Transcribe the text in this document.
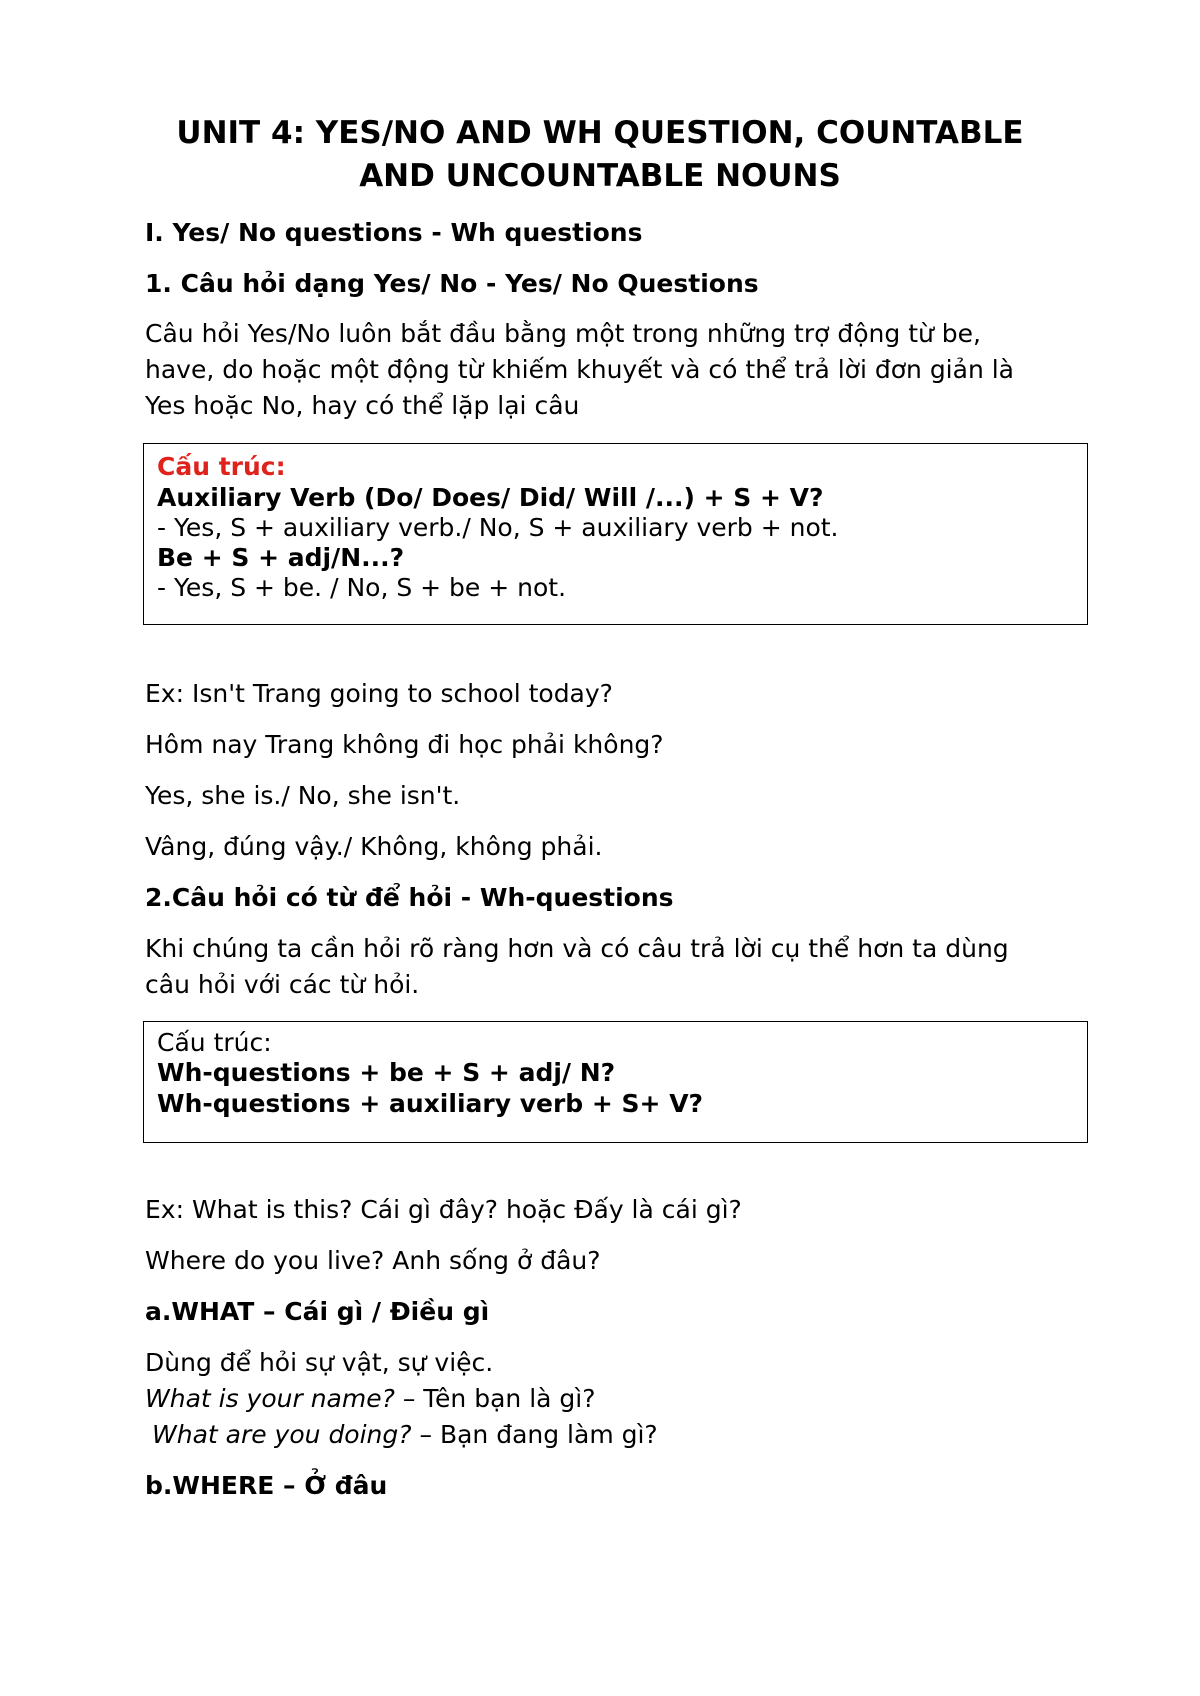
UNIT 4: YES/NO AND WH QUESTION, COUNTABLE
AND UNCOUNTABLE NOUNS
I. Yes/ No questions - Wh questions
1. Câu hỏi dạng Yes/ No - Yes/ No Questions
Câu hỏi Yes/No luôn bắt đầu bằng một trong những trợ động từ be,
have, do hoặc một động từ khiếm khuyết và có thể trả lời đơn giản là
Yes hoặc No, hay có thể lặp lại câu
Cấu trúc:
Auxiliary Verb (Do/ Does/ Did/ Will /...) + S + V?
- Yes, S + auxiliary verb./ No, S + auxiliary verb + not.
Be + S + adj/N...?
- Yes, S + be. / No, S + be + not.
Ex: Isn't Trang going to school today?
Hôm nay Trang không đi học phải không?
Yes, she is./ No, she isn't.
Vâng, đúng vậy./ Không, không phải.
2.Câu hỏi có từ để hỏi - Wh-questions
Khi chúng ta cần hỏi rõ ràng hơn và có câu trả lời cụ thể hơn ta dùng
câu hỏi với các từ hỏi.
Cấu trúc:
Wh-questions + be + S + adj/ N?
Wh-questions + auxiliary verb + S+ V?
Ex: What is this? Cái gì đây? hoặc Đấy là cái gì?
Where do you live? Anh sống ở đâu?
a.WHAT – Cái gì / Điều gì
Dùng để hỏi sự vật, sự việc.
What is your name? – Tên bạn là gì?
What are you doing? – Bạn đang làm gì?
b.WHERE – Ở đâu
